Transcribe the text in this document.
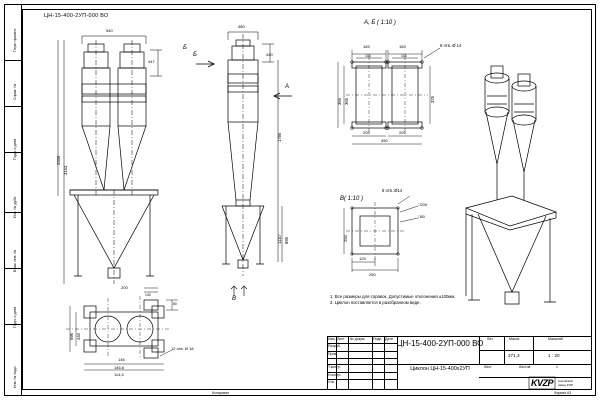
Перв. примен.
Справ. №
Подп. и дата
Инв. № дубл.
Взам. инв. №
Подп. и дата
Инв. № подл.
ЦН-15-400-2УП-000 ВО
540
447
3335
3153
Б
480
440
1785
1110 895
А
Б
В
А, Б ( 1:10 )
165	165
105	105
365 365	325
205	205
450
8 отв. Ø 14
В( 1:10 )
250
125
250
□200
□80
8 отв. Ø14
200
140
80
696 440
146
146,6
114,5
12 отв. Ø 18
1. Все размеры для справок. Допустимые отклонения ±100мм.
2. Циклон поставляется в разобранном виде.
Изм. Лист № докум. Подп. Дата
Разраб.
Пров.
Т.контр.
Н.контр.
Утв.
ЦН-15-400-2УП-000 ВО
Циклон ЦН-15-400х2УП
Лит.	Масса	Масштаб
271,3	1 : 20
Лист	Листов	1
KVZP Копейский
завод РЭП
Копировал	Формат А3
